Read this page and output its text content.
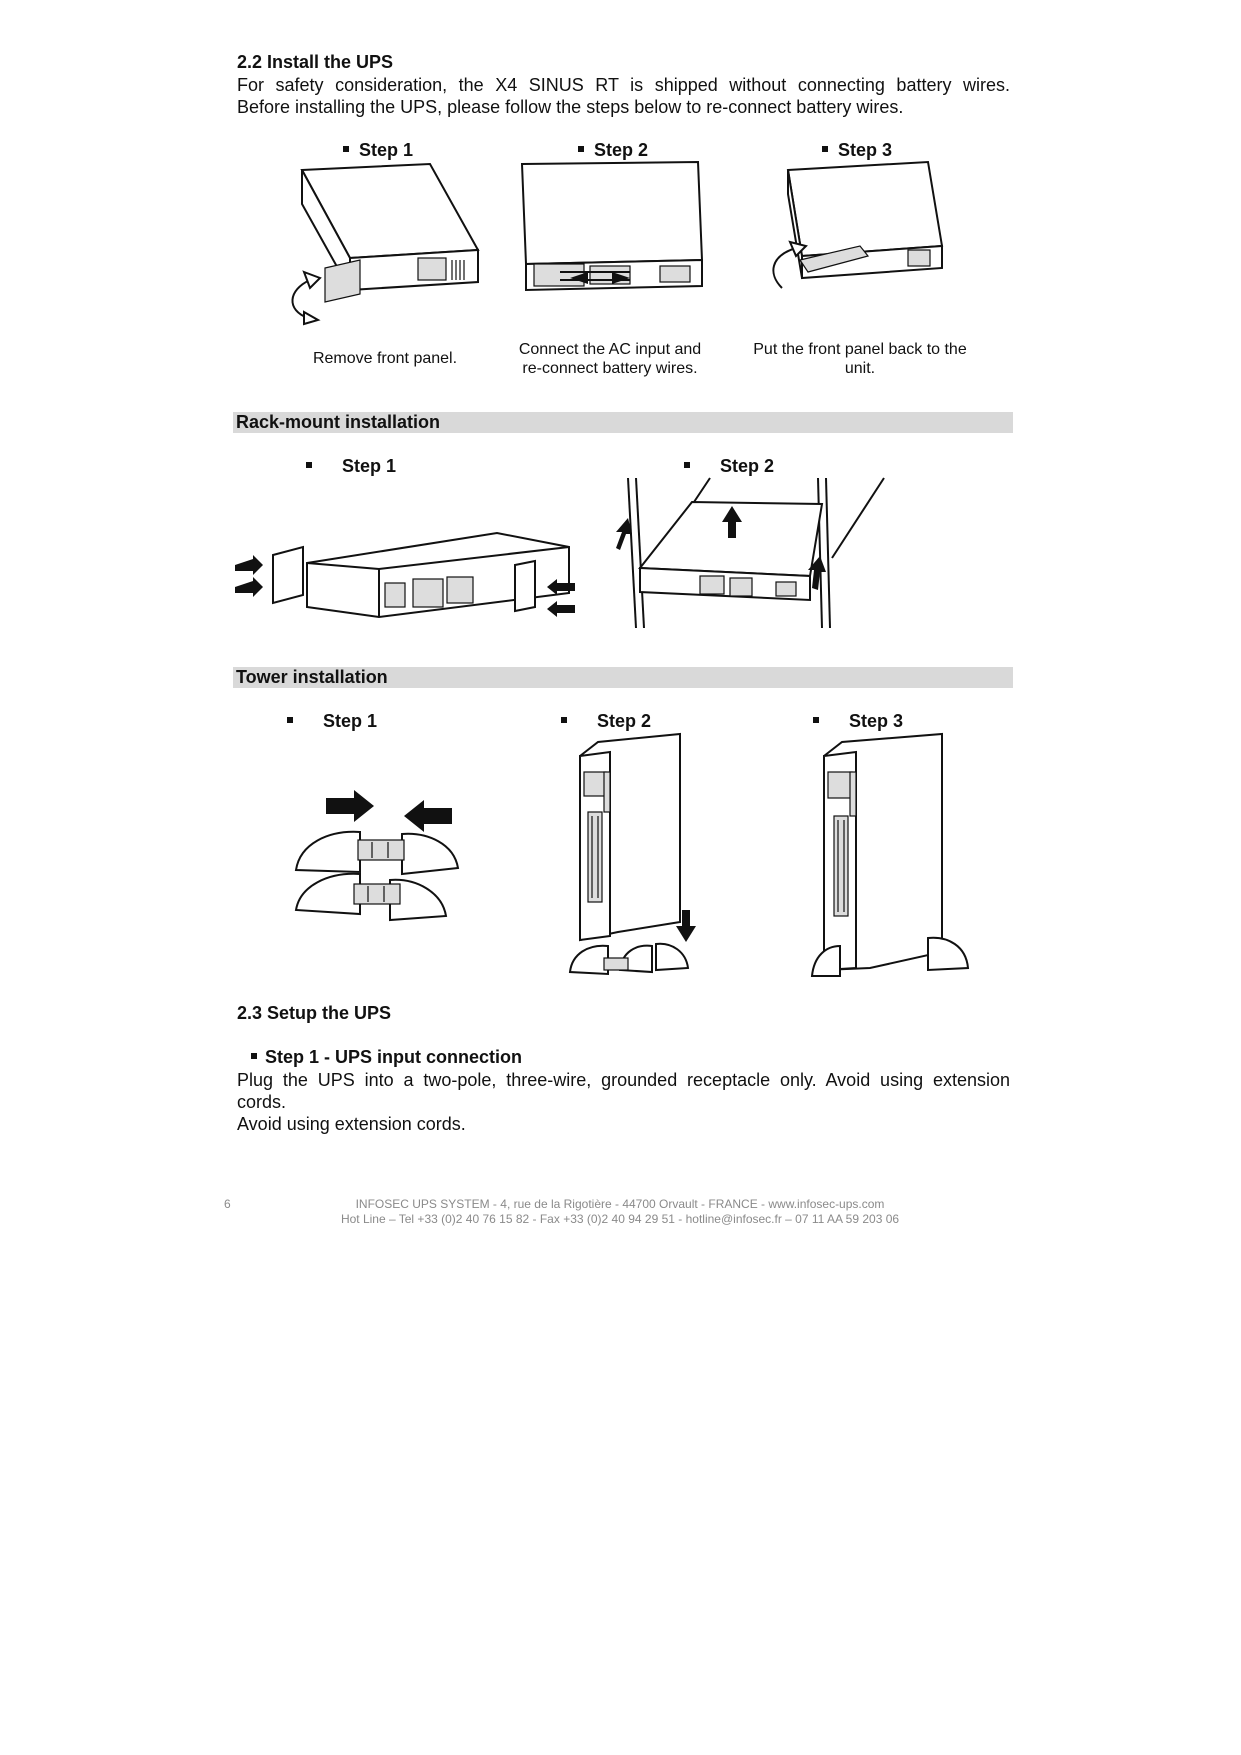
2.2 Install the UPS
For safety consideration, the X4 SINUS RT is shipped without connecting battery wires.
Before installing the UPS, please follow the steps below to re-connect battery wires.
Step 1	Step 2	Step 3
Remove front panel.
Connect the AC input and
re-connect battery wires.
Put the front panel back to the
unit.
Rack-mount installation
Step 1	Step 2
Tower installation
Step 1	Step 2	Step 3
2.3 Setup the UPS
Step 1 - UPS input connection
Plug the UPS into a two-pole, three-wire, grounded receptacle only. Avoid using extension
cords.
Avoid using extension cords.
6	INFOSEC UPS SYSTEM - 4, rue de la Rigotière - 44700 Orvault - FRANCE - www.infosec-ups.com
Hot Line – Tel +33 (0)2 40 76 15 82 - Fax +33 (0)2 40 94 29 51 - hotline@infosec.fr – 07 11 AA 59 203 06
